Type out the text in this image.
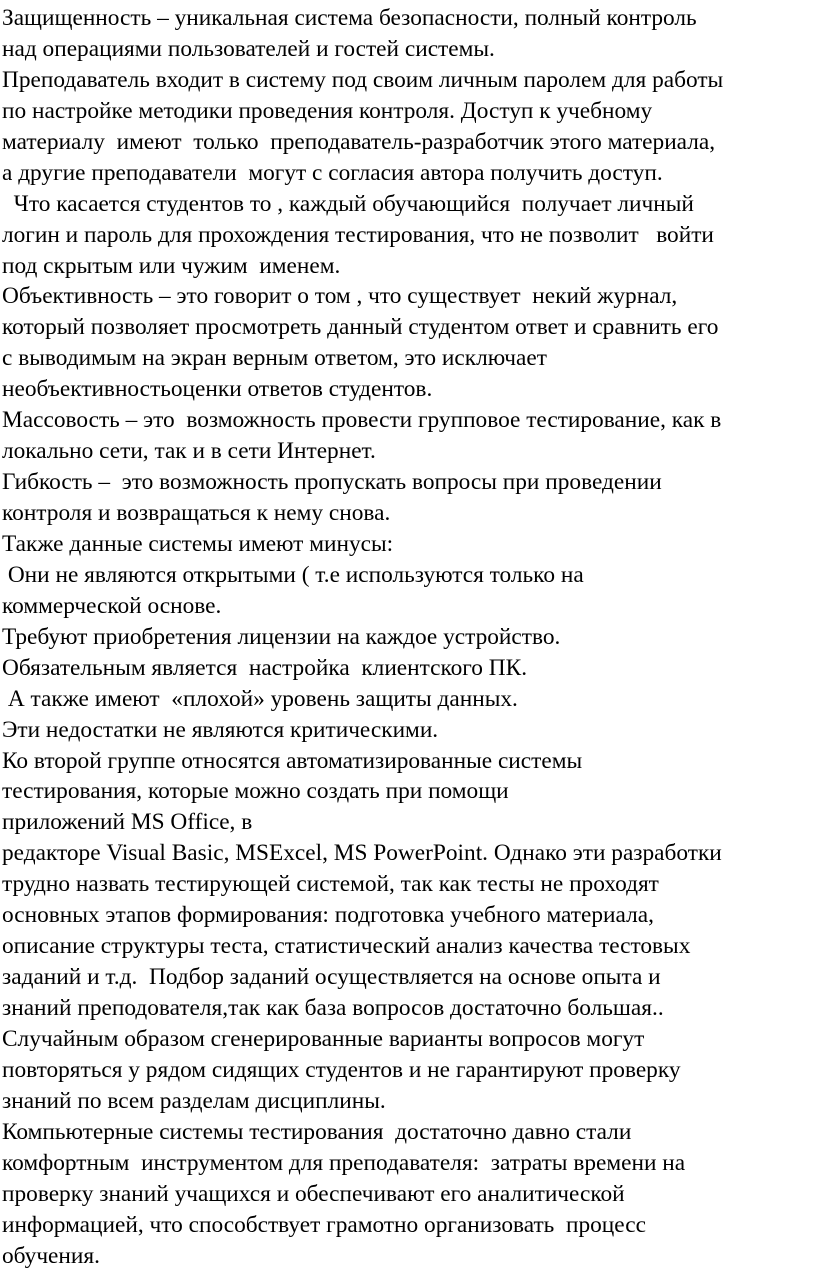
Защищенность – уникальная система безопасности, полный контроль
над операциями пользователей и гостей системы.
Преподаватель входит в систему под своим личным паролем для работы
по настройке методики проведения контроля. Доступ к учебному
материалу  имеют  только  преподаватель-разработчик этого материала,
а другие преподаватели  могут с согласия автора получить доступ.
Что касается студентов то , каждый обучающийся  получает личный
логин и пароль для прохождения тестирования, что не позволит   войти
под скрытым или чужим  именем.
Объективность – это говорит о том , что существует  некий журнал,
который позволяет просмотреть данный студентом ответ и сравнить его
с выводимым на экран верным ответом, это исключает
необъективностьоценки ответов студентов.
Массовость – это  возможность провести групповое тестирование, как в
локально сети, так и в сети Интернет.
Гибкость –  это возможность пропускать вопросы при проведении
контроля и возвращаться к нему снова.
Также данные системы имеют минусы:
Они не являются открытыми ( т.е используются только на
коммерческой основе.
Требуют приобретения лицензии на каждое устройство.
Обязательным является  настройка  клиентского ПК.
А также имеют  «плохой» уровень защиты данных.
Эти недостатки не являются критическими.
Ко второй группе относятся автоматизированные системы
тестирования, которые можно создать при помощи
приложений MS Office, в
редакторе Visual Basic, MSExcel, MS PowerPoint. Однако эти разработки
трудно назвать тестирующей системой, так как тесты не проходят
основных этапов формирования: подготовка учебного материала,
описание структуры теста, статистический анализ качества тестовых
заданий и т.д.  Подбор заданий осуществляется на основе опыта и
знаний преподователя,так как база вопросов достаточно большая..
Случайным образом сгенерированные варианты вопросов могут
повторяться у рядом сидящих студентов и не гарантируют проверку
знаний по всем разделам дисциплины.
Компьютерные системы тестирования  достаточно давно стали
комфортным  инструментом для преподавателя:  затраты времени на
проверку знаний учащихся и обеспечивают его аналитической
информацией, что способствует грамотно организовать  процесс
обучения.
